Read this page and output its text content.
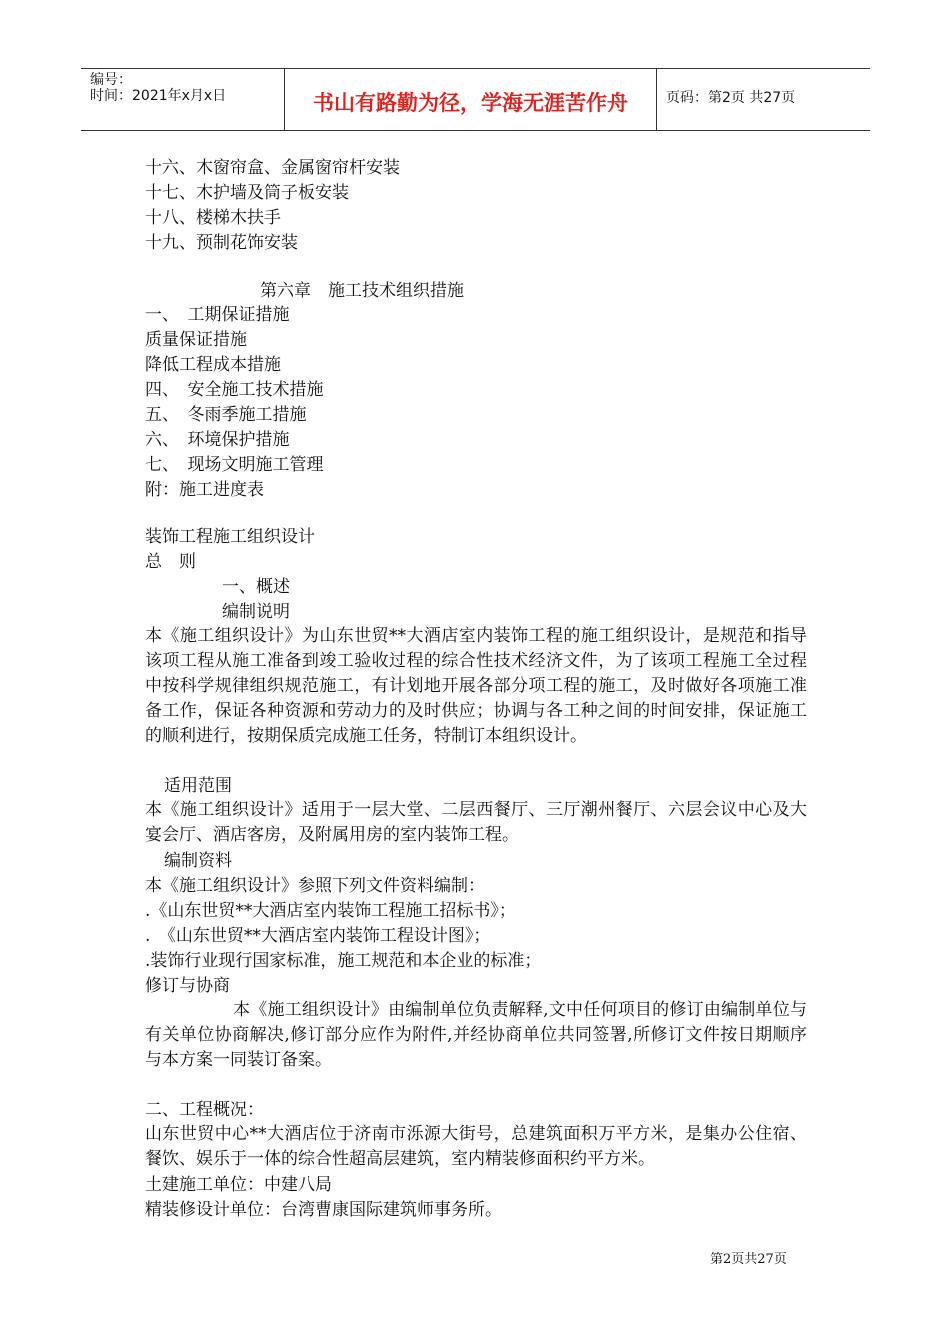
编号：
时间：2021年x月x日	书山有路勤为径，学海无涯苦作舟	页码：第2页 共27页
十六、木窗帘盒、金属窗帘杆安装
十七、木护墙及筒子板安装
十八、楼梯木扶手
十九、预制花饰安装
第六章　施工技术组织措施
一、　工期保证措施
质量保证措施
降低工程成本措施
四、　安全施工技术措施
五、　冬雨季施工措施
六、　环境保护措施
七、　现场文明施工管理
附：施工进度表
装饰工程施工组织设计
总　则
一、概述
编制说明
本《施工组织设计》为山东世贸**大酒店室内装饰工程的施工组织设计，是规范和指导该项工程从施工准备到竣工验收过程的综合性技术经济文件，为了该项工程施工全过程中按科学规律组织规范施工，有计划地开展各部分项工程的施工，及时做好各项施工准备工作，保证各种资源和劳动力的及时供应；协调与各工种之间的时间安排，保证施工的顺利进行，按期保质完成施工任务，特制订本组织设计。
适用范围
本《施工组织设计》适用于一层大堂、二层西餐厅、三厅潮州餐厅、六层会议中心及大宴会厅、酒店客房，及附属用房的室内装饰工程。
编制资料
本《施工组织设计》参照下列文件资料编制：
.《山东世贸**大酒店室内装饰工程施工招标书》；
.　《山东世贸**大酒店室内装饰工程设计图》；
.装饰行业现行国家标准，施工规范和本企业的标准；
修订与协商
本《施工组织设计》由编制单位负责解释,文中任何项目的修订由编制单位与有关单位协商解决,修订部分应作为附件,并经协商单位共同签署,所修订文件按日期顺序与本方案一同装订备案。
二、工程概况：
山东世贸中心**大酒店位于济南市泺源大街号，总建筑面积万平方米，是集办公住宿、餐饮、娱乐于一体的综合性超高层建筑，室内精装修面积约平方米。
土建施工单位：中建八局
精装修设计单位：台湾曹康国际建筑师事务所。
第2页共27页
